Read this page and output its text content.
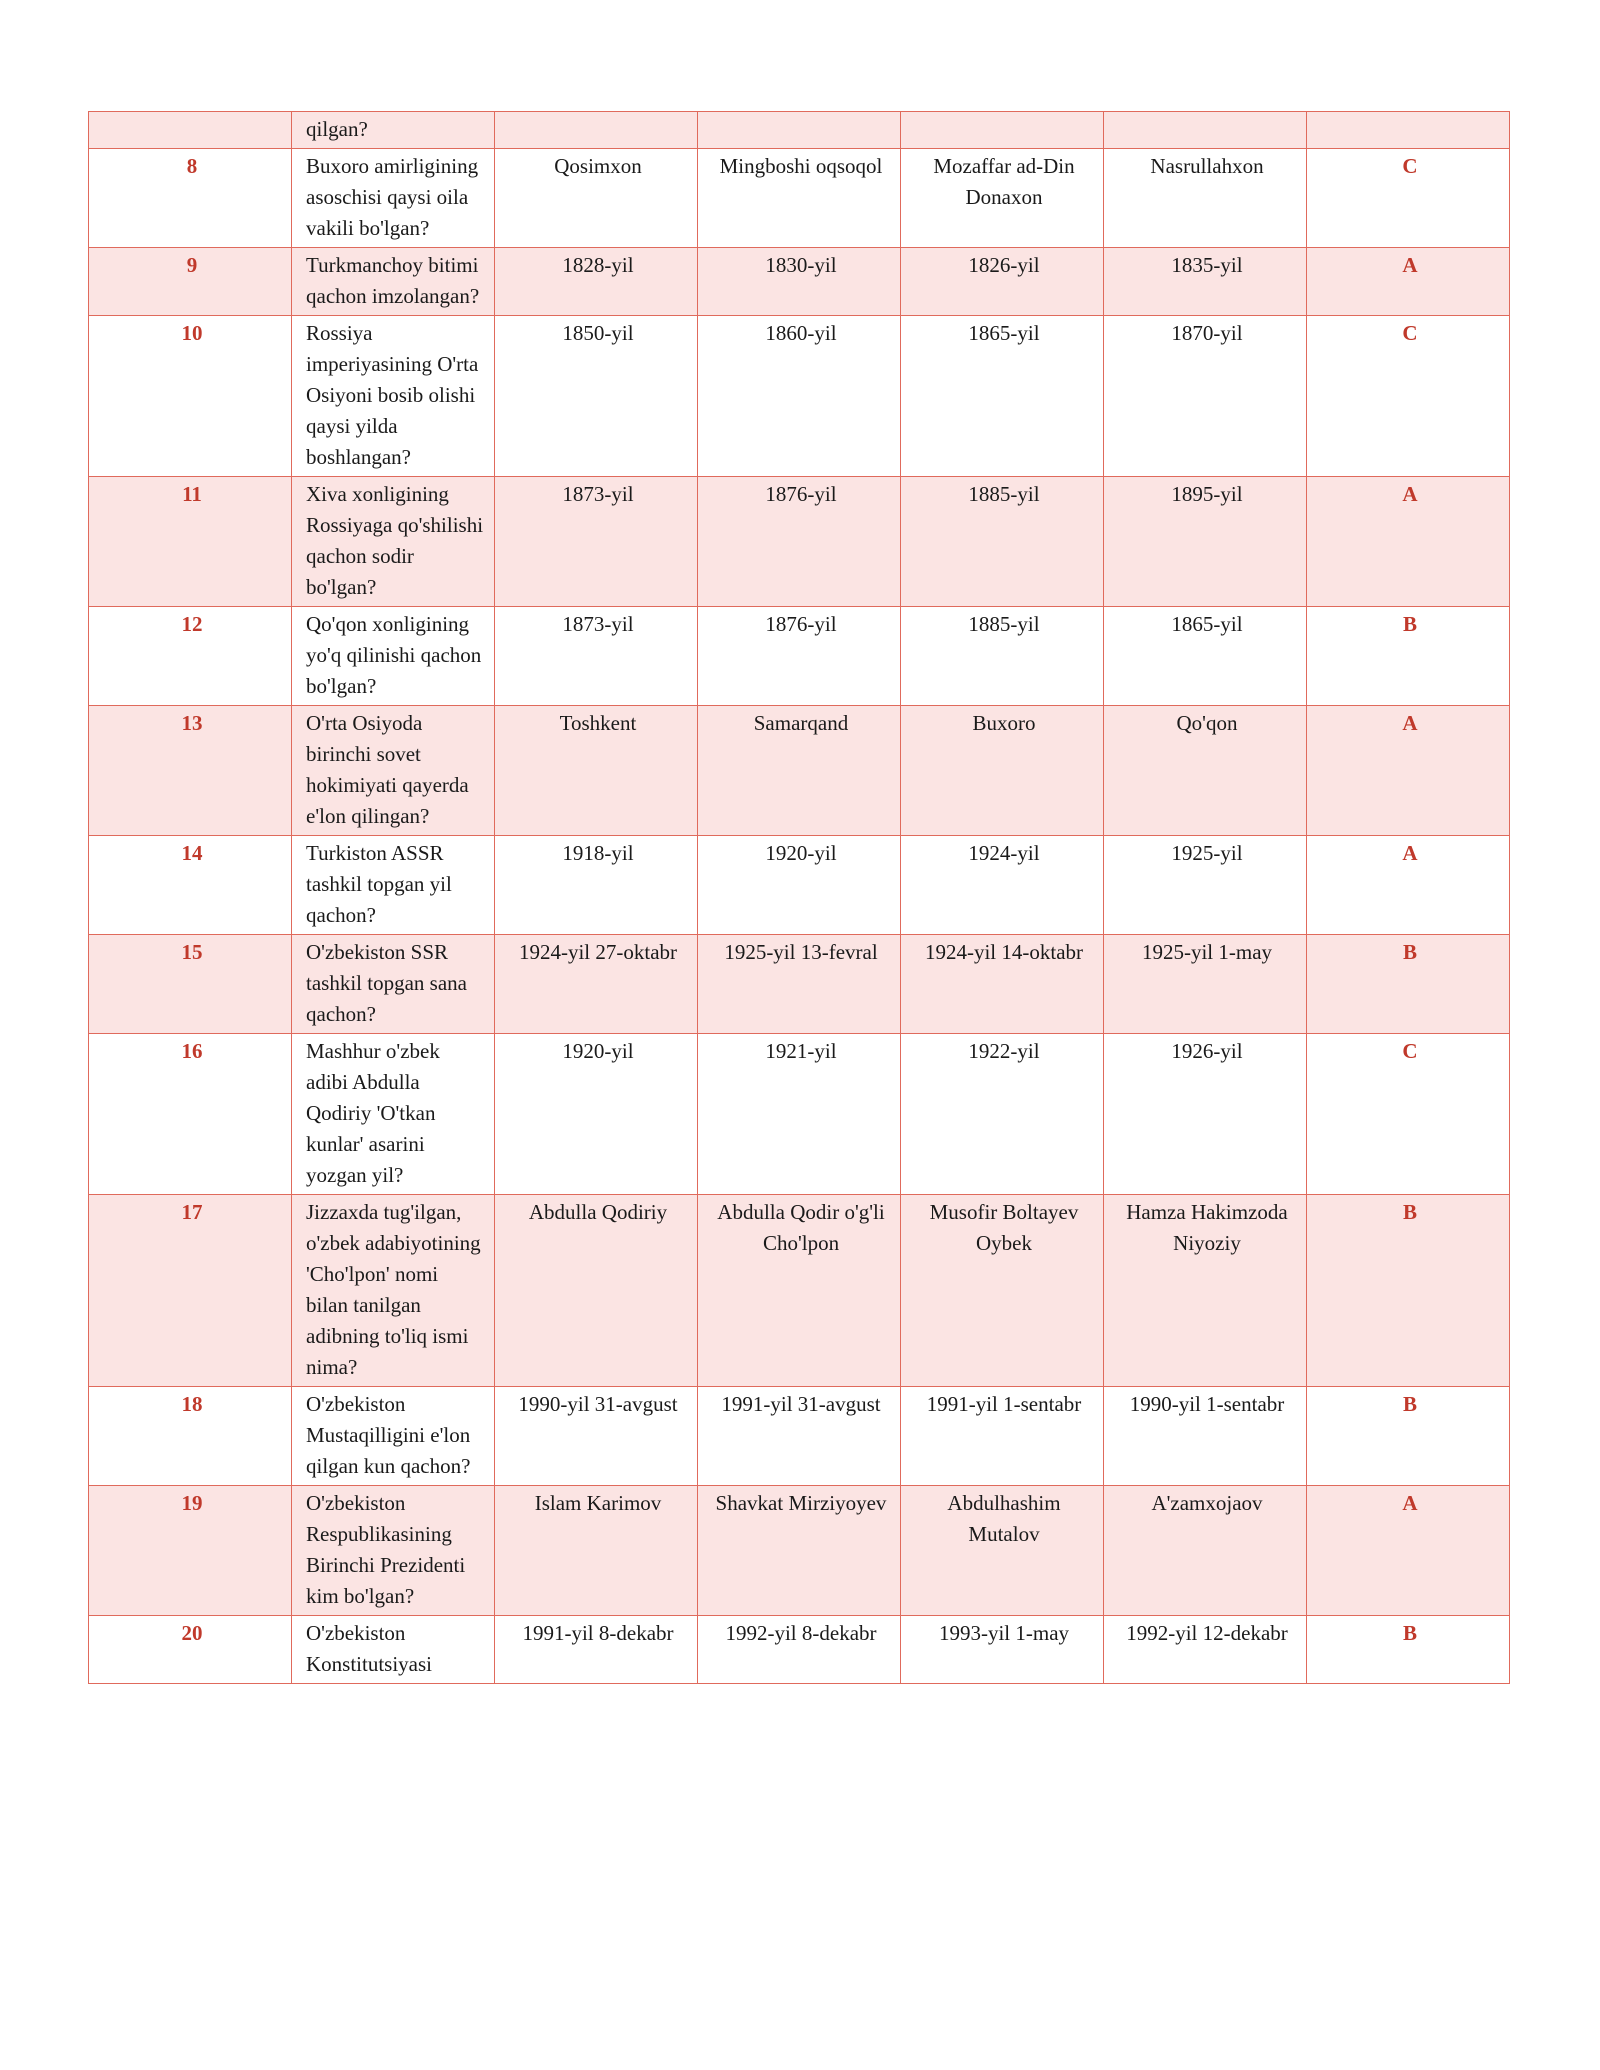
	qilgan?					
8	Buxoro amirligining asoschisi qaysi oila vakili bo'lgan?	Qosimxon	Mingboshi oqsoqol	Mozaffar ad-Din Donaxon	Nasrullahxon	C
9	Turkmanchoy bitimi qachon imzolangan?	1828-yil	1830-yil	1826-yil	1835-yil	A
10	Rossiya imperiyasining O'rta Osiyoni bosib olishi qaysi yilda boshlangan?	1850-yil	1860-yil	1865-yil	1870-yil	C
11	Xiva xonligining Rossiyaga qo'shilishi qachon sodir bo'lgan?	1873-yil	1876-yil	1885-yil	1895-yil	A
12	Qo'qon xonligining yo'q qilinishi qachon bo'lgan?	1873-yil	1876-yil	1885-yil	1865-yil	B
13	O'rta Osiyoda birinchi sovet hokimiyati qayerda e'lon qilingan?	Toshkent	Samarqand	Buxoro	Qo'qon	A
14	Turkiston ASSR tashkil topgan yil qachon?	1918-yil	1920-yil	1924-yil	1925-yil	A
15	O'zbekiston SSR tashkil topgan sana qachon?	1924-yil 27-oktabr	1925-yil 13-fevral	1924-yil 14-oktabr	1925-yil 1-may	B
16	Mashhur o'zbek adibi Abdulla Qodiriy 'O'tkan kunlar' asarini yozgan yil?	1920-yil	1921-yil	1922-yil	1926-yil	C
17	Jizzaxda tug'ilgan, o'zbek adabiyotining 'Cho'lpon' nomi bilan tanilgan adibning to'liq ismi nima?	Abdulla Qodiriy	Abdulla Qodir o'g'li Cho'lpon	Musofir Boltayev Oybek	Hamza Hakimzoda Niyoziy	B
18	O'zbekiston Mustaqilligini e'lon qilgan kun qachon?	1990-yil 31-avgust	1991-yil 31-avgust	1991-yil 1-sentabr	1990-yil 1-sentabr	B
19	O'zbekiston Respublikasining Birinchi Prezidenti kim bo'lgan?	Islam Karimov	Shavkat Mirziyoyev	Abdulhashim Mutalov	A'zamxojaov	A
20	O'zbekiston Konstitutsiyasi	1991-yil 8-dekabr	1992-yil 8-dekabr	1993-yil 1-may	1992-yil 12-dekabr	B
